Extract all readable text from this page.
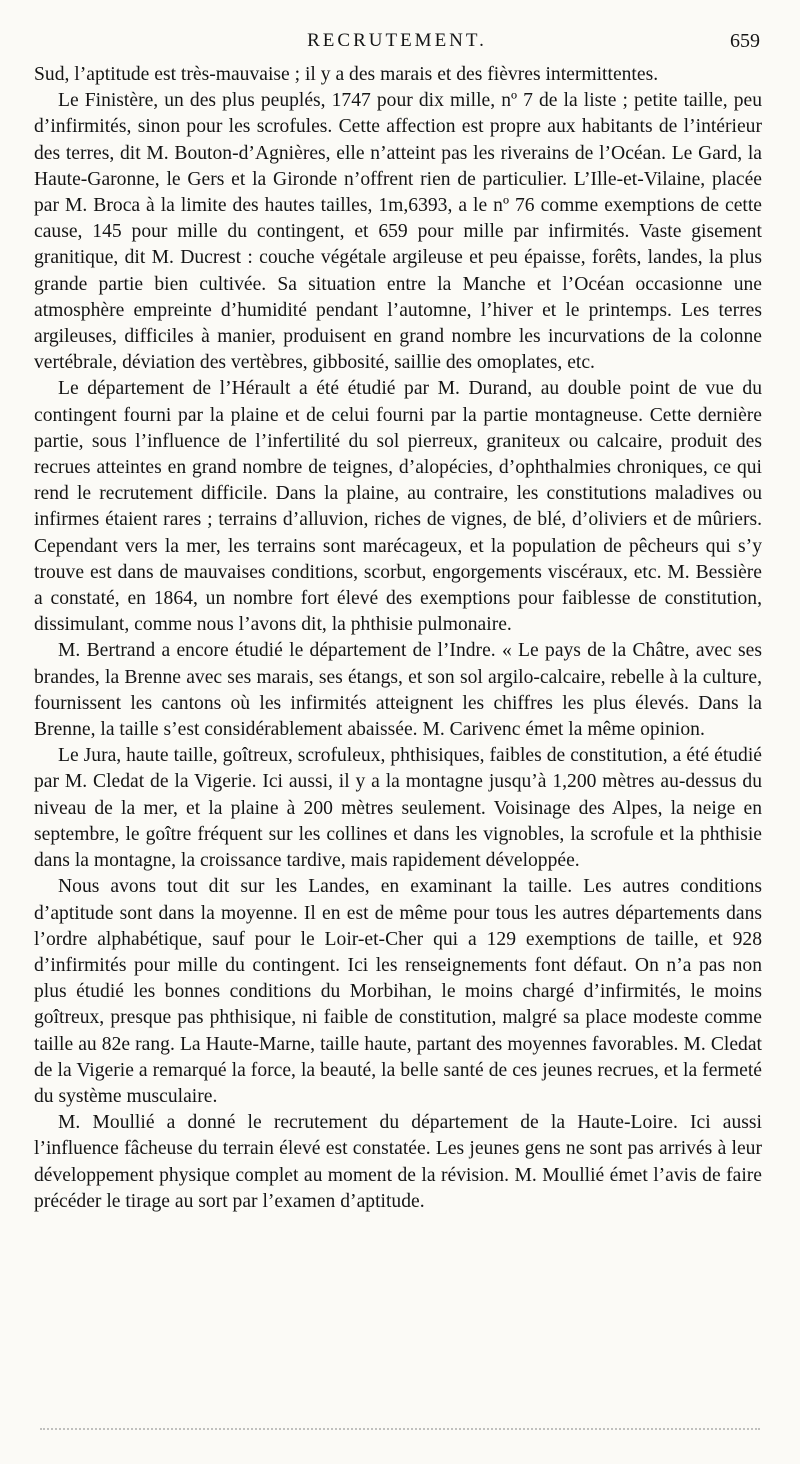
RECRUTEMENT.	659

Sud, l’aptitude est très-mauvaise ; il y a des marais et des fièvres intermittentes.

Le Finistère, un des plus peuplés, 1747 pour dix mille, nº 7 de la liste ; petite taille, peu d’infirmités, sinon pour les scrofules. Cette affection est propre aux habitants de l’intérieur des terres, dit M. Bouton-d’Agnières, elle n’atteint pas les riverains de l’Océan. Le Gard, la Haute-Garonne, le Gers et la Gironde n’offrent rien de particulier. L’Ille-et-Vilaine, placée par M. Broca à la limite des hautes tailles, 1m,6393, a le nº 76 comme exemptions de cette cause, 145 pour mille du contingent, et 659 pour mille par infirmités. Vaste gisement granitique, dit M. Ducrest : couche végétale argileuse et peu épaisse, forêts, landes, la plus grande partie bien cultivée. Sa situation entre la Manche et l’Océan occasionne une atmosphère empreinte d’humidité pendant l’automne, l’hiver et le printemps. Les terres argileuses, difficiles à manier, produisent en grand nombre les incurvations de la colonne vertébrale, déviation des vertèbres, gibbosité, saillie des omoplates, etc.

Le département de l’Hérault a été étudié par M. Durand, au double point de vue du contingent fourni par la plaine et de celui fourni par la partie montagneuse. Cette dernière partie, sous l’influence de l’infertilité du sol pierreux, graniteux ou calcaire, produit des recrues atteintes en grand nombre de teignes, d’alopécies, d’ophthalmies chroniques, ce qui rend le recrutement difficile. Dans la plaine, au contraire, les constitutions maladives ou infirmes étaient rares ; terrains d’alluvion, riches de vignes, de blé, d’oliviers et de mûriers. Cependant vers la mer, les terrains sont marécageux, et la population de pêcheurs qui s’y trouve est dans de mauvaises conditions, scorbut, engorgements viscéraux, etc. M. Bessière a constaté, en 1864, un nombre fort élevé des exemptions pour faiblesse de constitution, dissimulant, comme nous l’avons dit, la phthisie pulmonaire.

M. Bertrand a encore étudié le département de l’Indre. « Le pays de la Châtre, avec ses brandes, la Brenne avec ses marais, ses étangs, et son sol argilo-calcaire, rebelle à la culture, fournissent les cantons où les infirmités atteignent les chiffres les plus élevés. Dans la Brenne, la taille s’est considérablement abaissée. M. Carivenc émet la même opinion.

Le Jura, haute taille, goîtreux, scrofuleux, phthisiques, faibles de constitution, a été étudié par M. Cledat de la Vigerie. Ici aussi, il y a la montagne jusqu’à 1,200 mètres au-dessus du niveau de la mer, et la plaine à 200 mètres seulement. Voisinage des Alpes, la neige en septembre, le goître fréquent sur les collines et dans les vignobles, la scrofule et la phthisie dans la montagne, la croissance tardive, mais rapidement développée.

Nous avons tout dit sur les Landes, en examinant la taille. Les autres conditions d’aptitude sont dans la moyenne. Il en est de même pour tous les autres départements dans l’ordre alphabétique, sauf pour le Loir-et-Cher qui a 129 exemptions de taille, et 928 d’infirmités pour mille du contingent. Ici les renseignements font défaut. On n’a pas non plus étudié les bonnes conditions du Morbihan, le moins chargé d’infirmités, le moins goîtreux, presque pas phthisique, ni faible de constitution, malgré sa place modeste comme taille au 82e rang. La Haute-Marne, taille haute, partant des moyennes favorables. M. Cledat de la Vigerie a remarqué la force, la beauté, la belle santé de ces jeunes recrues, et la fermeté du système musculaire.

M. Moullié a donné le recrutement du département de la Haute-Loire. Ici aussi l’influence fâcheuse du terrain élevé est constatée. Les jeunes gens ne sont pas arrivés à leur développement physique complet au moment de la révision. M. Moullié émet l’avis de faire précéder le tirage au sort par l’examen d’aptitude.
